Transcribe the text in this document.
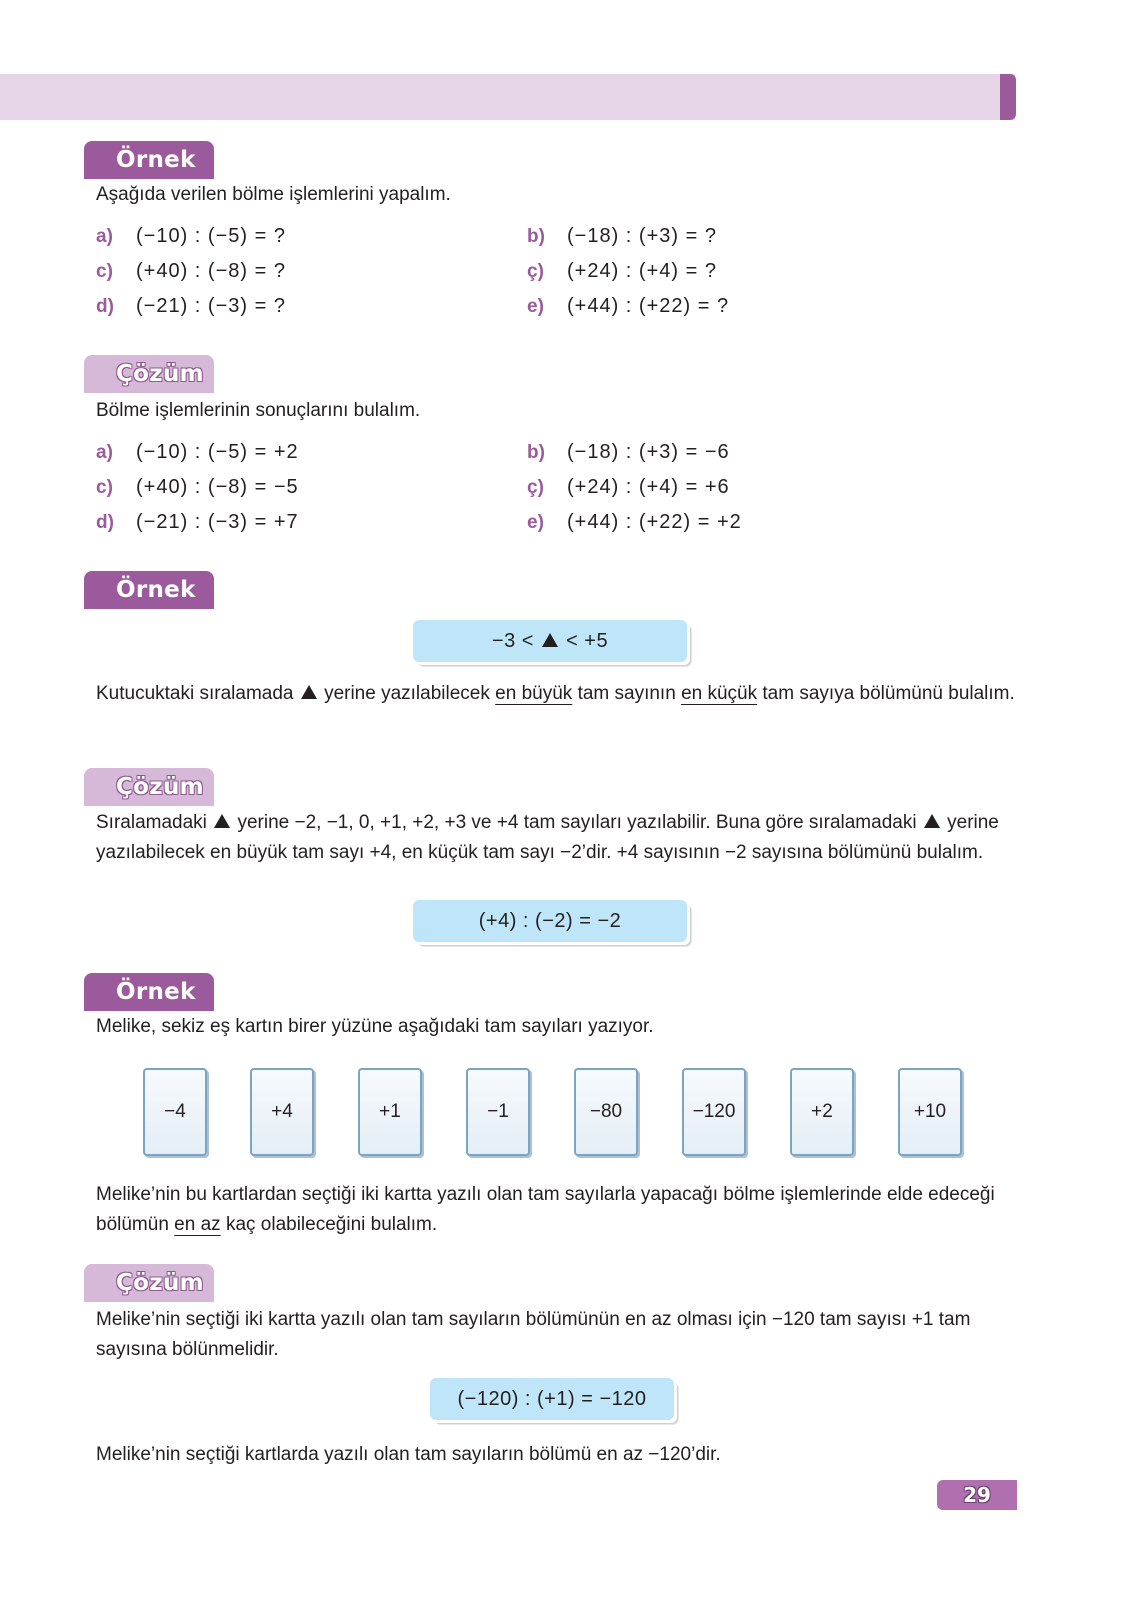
Örnek
Aşağıda verilen bölme işlemlerini yapalım.
a) (−10) : (−5) = ?	b) (−18) : (+3) = ?
c) (+40) : (−8) = ?	ç) (+24) : (+4) = ?
d) (−21) : (−3) = ?	e) (+44) : (+22) = ?
Çözüm
Bölme işlemlerinin sonuçlarını bulalım.
a) (−10) : (−5) = +2	b) (−18) : (+3) = −6
c) (+40) : (−8) = −5	ç) (+24) : (+4) = +6
d) (−21) : (−3) = +7	e) (+44) : (+22) = +2
Örnek
−3 < < +5
Kutucuktaki sıralamada yerine yazılabilecek en büyük tam sayının en küçük tam sayıya bölümünü bulalım.
Çözüm
Sıralamadaki yerine −2, −1, 0, +1, +2, +3 ve +4 tam sayıları yazılabilir. Buna göre sıralamadaki yerine yazılabilecek en büyük tam sayı +4, en küçük tam sayı −2’dir. +4 sayısının −2 sayısına bölümünü bulalım.
(+4) : (−2) = −2
Örnek
Melike, sekiz eş kartın birer yüzüne aşağıdaki tam sayıları yazıyor.
−4	+4	+1	−1	−80	−120	+2	+10
Melike’nin bu kartlardan seçtiği iki kartta yazılı olan tam sayılarla yapacağı bölme işlemlerinde elde edeceği bölümün en az kaç olabileceğini bulalım.
Çözüm
Melike’nin seçtiği iki kartta yazılı olan tam sayıların bölümünün en az olması için −120 tam sayısı +1 tam sayısına bölünmelidir.
(−120) : (+1) = −120
Melike’nin seçtiği kartlarda yazılı olan tam sayıların bölümü en az −120’dir.
29
